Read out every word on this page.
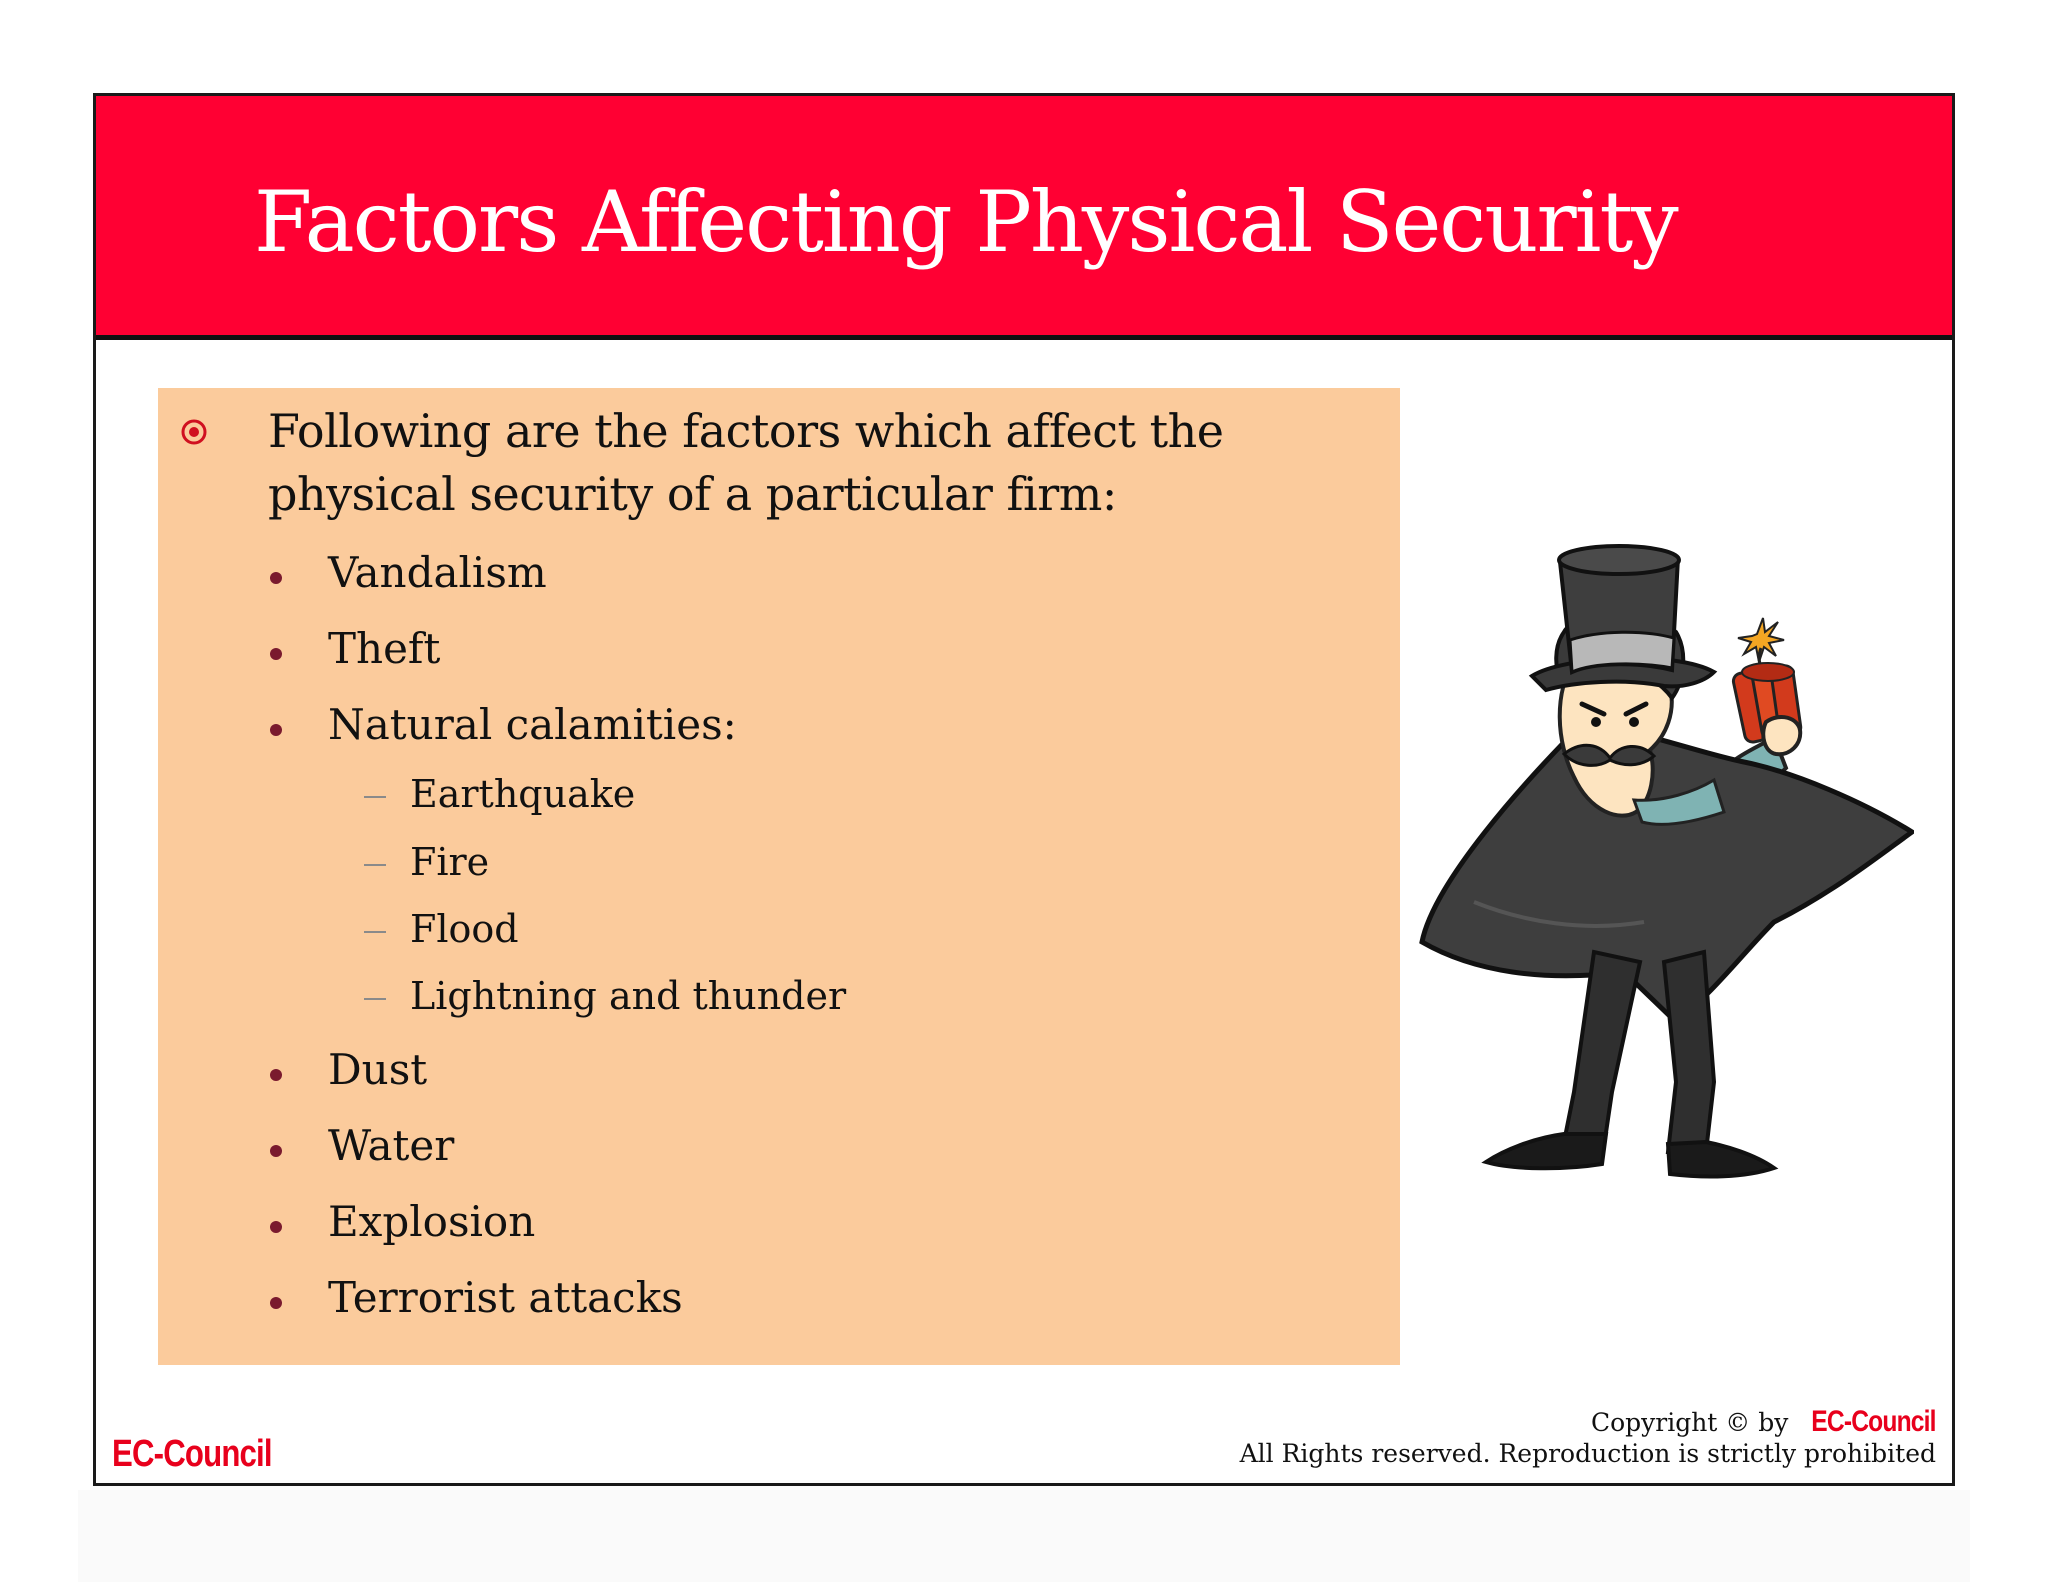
Factors Affecting Physical Security
Following are the factors which affect the physical security of a particular firm:
Vandalism
Theft
Natural calamities:
Earthquake
Fire
Flood
Lightning and thunder
Dust
Water
Explosion
Terrorist attacks
EC-Council
Copyright © by EC-Council
All Rights reserved. Reproduction is strictly prohibited
